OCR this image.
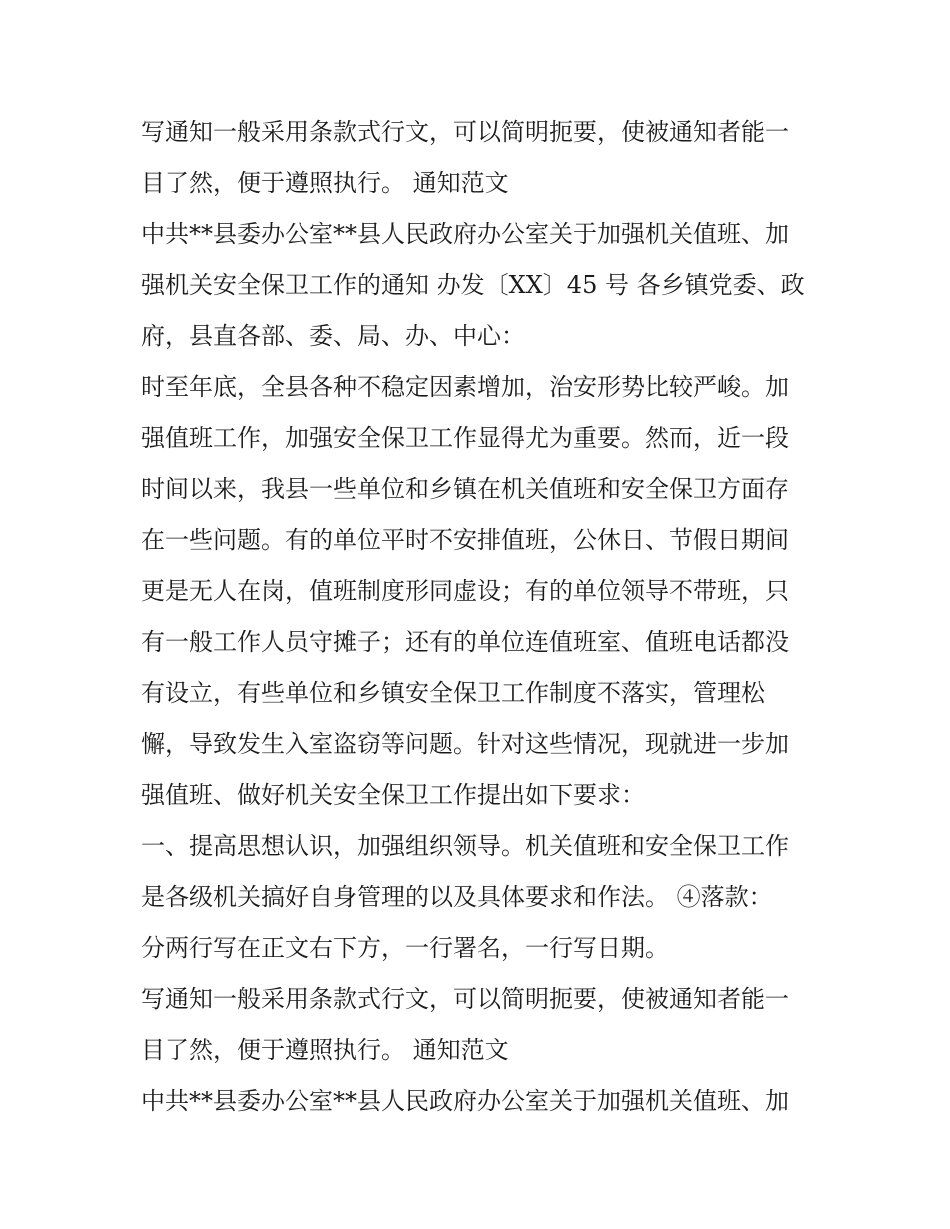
写通知一般采用条款式行文，可以简明扼要，使被通知者能一
目了然，便于遵照执行。 通知范文
中共**县委办公室**县人民政府办公室关于加强机关值班、加
强机关安全保卫工作的通知 办发〔XX〕45 号 各乡镇党委、政
府，县直各部、委、局、办、中心：
时至年底，全县各种不稳定因素增加，治安形势比较严峻。加
强值班工作，加强安全保卫工作显得尤为重要。然而，近一段
时间以来，我县一些单位和乡镇在机关值班和安全保卫方面存
在一些问题。有的单位平时不安排值班，公休日、节假日期间
更是无人在岗，值班制度形同虚设；有的单位领导不带班，只
有一般工作人员守摊子；还有的单位连值班室、值班电话都没
有设立，有些单位和乡镇安全保卫工作制度不落实，管理松
懈，导致发生入室盗窃等问题。针对这些情况，现就进一步加
强值班、做好机关安全保卫工作提出如下要求：
一、提高思想认识，加强组织领导。机关值班和安全保卫工作
是各级机关搞好自身管理的以及具体要求和作法。 ④落款：
分两行写在正文右下方，一行署名，一行写日期。
写通知一般采用条款式行文，可以简明扼要，使被通知者能一
目了然，便于遵照执行。 通知范文
中共**县委办公室**县人民政府办公室关于加强机关值班、加
